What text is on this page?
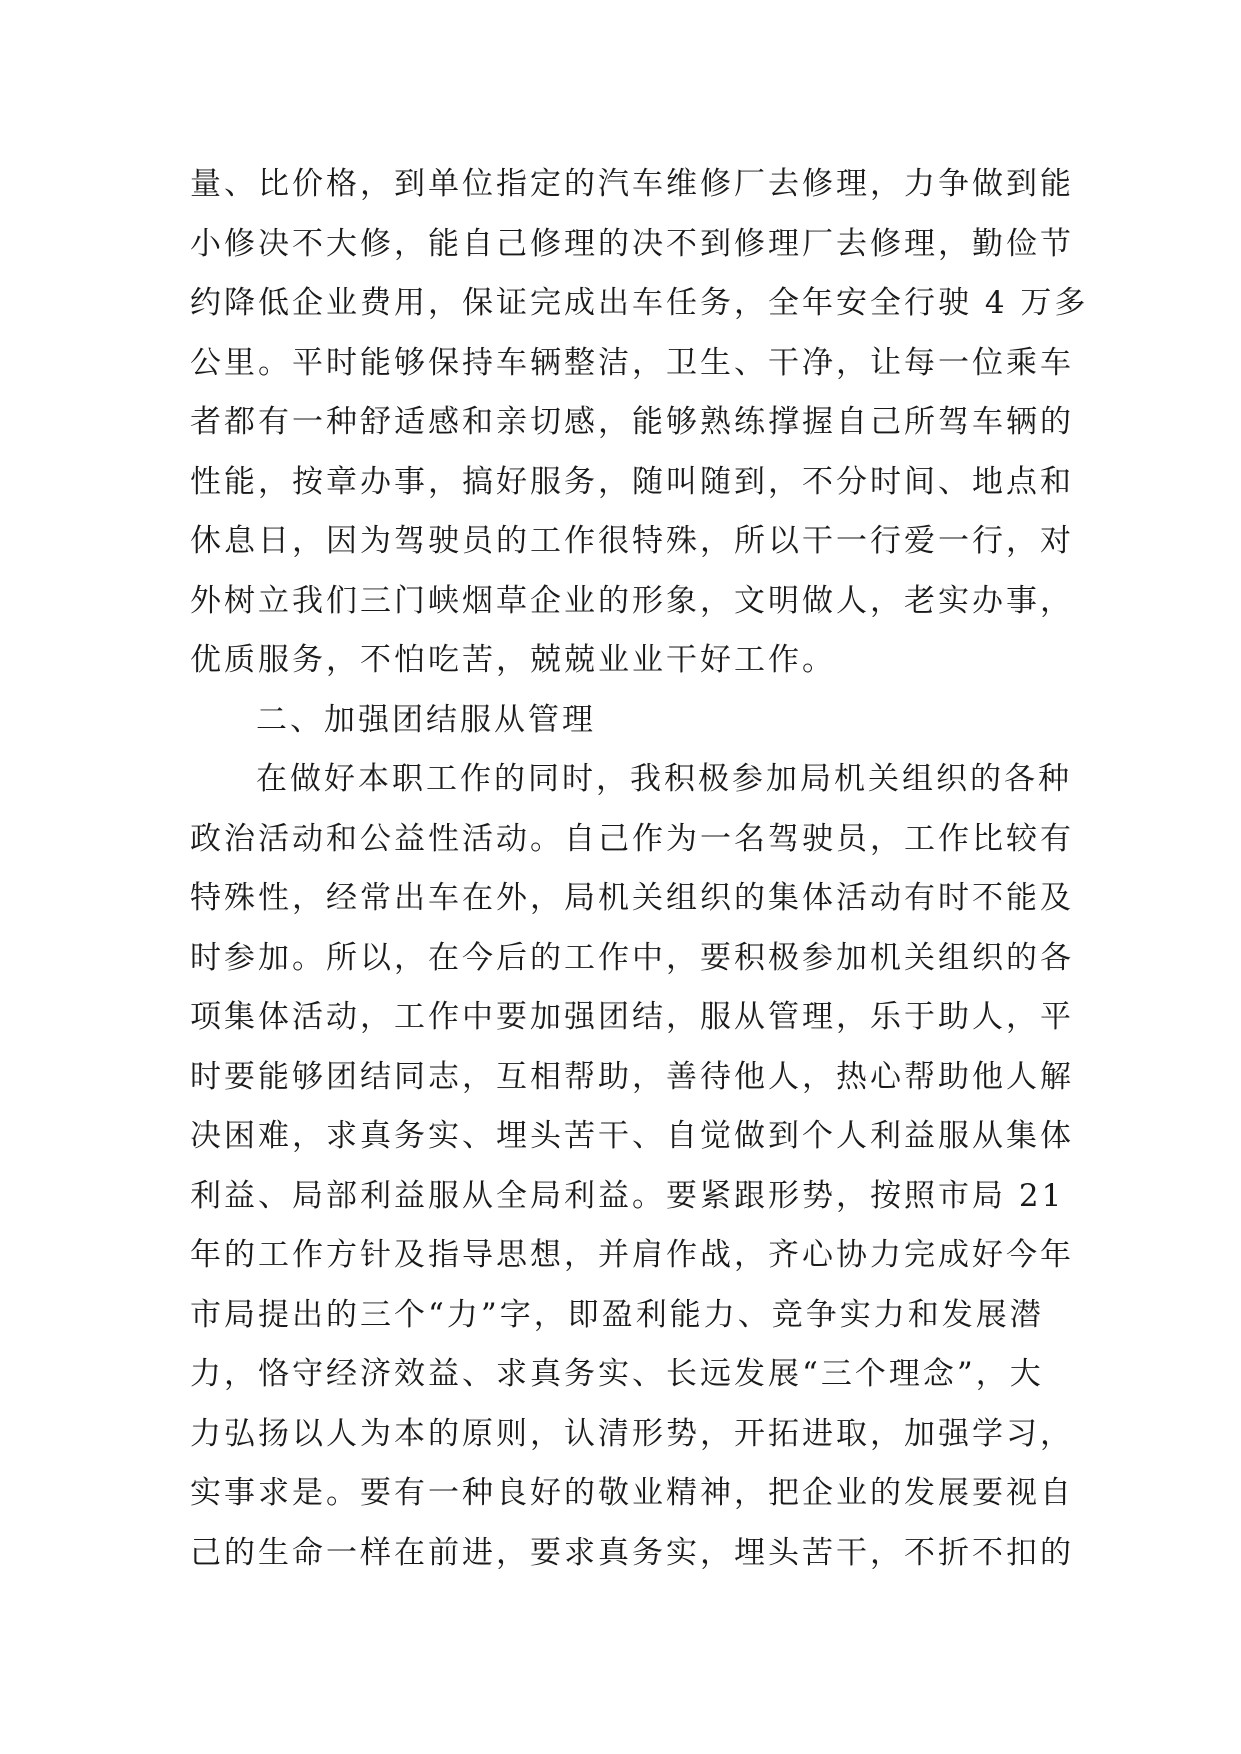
量、比价格，到单位指定的汽车维修厂去修理，力争做到能
小修决不大修，能自己修理的决不到修理厂去修理，勤俭节
约降低企业费用，保证完成出车任务，全年安全行驶 4 万多
公里。平时能够保持车辆整洁，卫生、干净，让每一位乘车
者都有一种舒适感和亲切感，能够熟练撑握自己所驾车辆的
性能，按章办事，搞好服务，随叫随到，不分时间、地点和
休息日，因为驾驶员的工作很特殊，所以干一行爱一行，对
外树立我们三门峡烟草企业的形象，文明做人，老实办事，
优质服务，不怕吃苦，兢兢业业干好工作。
二、加强团结服从管理
在做好本职工作的同时，我积极参加局机关组织的各种
政治活动和公益性活动。自己作为一名驾驶员，工作比较有
特殊性，经常出车在外，局机关组织的集体活动有时不能及
时参加。所以，在今后的工作中，要积极参加机关组织的各
项集体活动，工作中要加强团结，服从管理，乐于助人，平
时要能够团结同志，互相帮助，善待他人，热心帮助他人解
决困难，求真务实、埋头苦干、自觉做到个人利益服从集体
利益、局部利益服从全局利益。要紧跟形势，按照市局 21
年的工作方针及指导思想，并肩作战，齐心协力完成好今年
市局提出的三个“力”字，即盈利能力、竞争实力和发展潜
力，恪守经济效益、求真务实、长远发展“三个理念”，大
力弘扬以人为本的原则，认清形势，开拓进取，加强学习，
实事求是。要有一种良好的敬业精神，把企业的发展要视自
己的生命一样在前进，要求真务实，埋头苦干，不折不扣的
